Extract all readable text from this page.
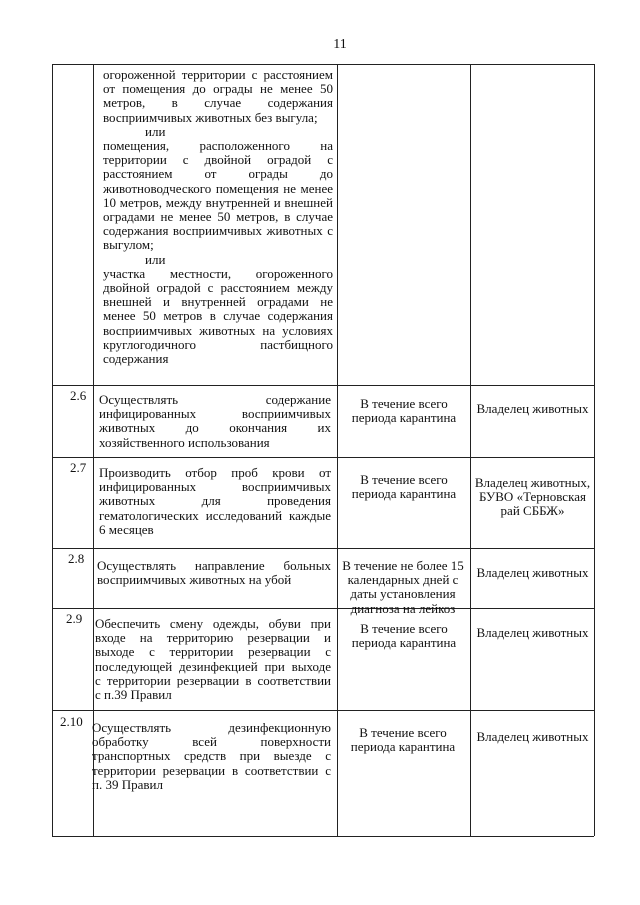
11
огороженной территории с расстоянием
от помещения до ограды не менее 50
метров, в случае содержания
восприимчивых животных без выгула;
или
помещения, расположенного на
территории с двойной оградой с
расстоянием от ограды до
животноводческого помещения не менее
10 метров, между внутренней и внешней
оградами не менее 50 метров, в случае
содержания восприимчивых животных с
выгулом;
или
участка местности, огороженного
двойной оградой с расстоянием между
внешней и внутренней оградами не
менее 50 метров в случае содержания
восприимчивых животных на условиях
круглогодичного пастбищного
содержания
2.6 Осуществлять содержание
инфицированных восприимчивых
животных до окончания их
хозяйственного использования
В течение всего
периода карантина
Владелец животных
2.7 Производить отбор проб крови от
инфицированных восприимчивых
животных для проведения
гематологических исследований каждые
6 месяцев
В течение всего
периода карантина
Владелец животных,
БУВО «Терновская
рай СББЖ»
2.8 Осуществлять направление больных
восприимчивых животных на убой
В течение не более 15
календарных дней с
даты установления
диагноза на лейкоз
Владелец животных
2.9 Обеспечить смену одежды, обуви при
входе на территорию резервации и
выходе с территории резервации с
последующей дезинфекцией при выходе
с территории резервации в соответствии
с п.39 Правил
В течение всего
периода карантина
Владелец животных
2.10 Осуществлять дезинфекционную
обработку всей поверхности
транспортных средств при выезде с
территории резервации в соответствии с
п. 39 Правил
В течение всего
периода карантина
Владелец животных
